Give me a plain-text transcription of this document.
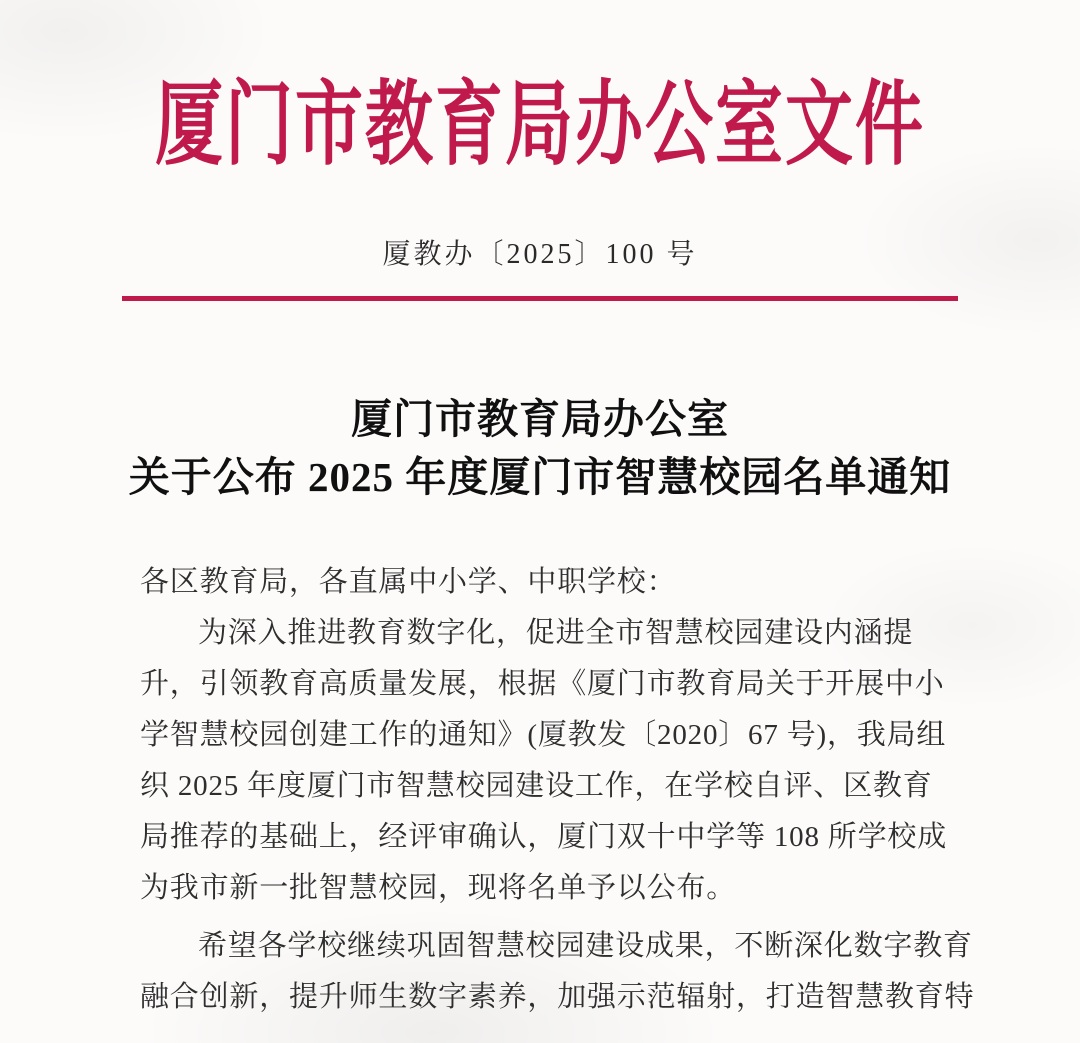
厦门市教育局办公室文件
厦教办〔2025〕100 号
厦门市教育局办公室
关于公布 2025 年度厦门市智慧校园名单通知
各区教育局，各直属中小学、中职学校：
为深入推进教育数字化，促进全市智慧校园建设内涵提
升，引领教育高质量发展，根据《厦门市教育局关于开展中小
学智慧校园创建工作的通知》(厦教发〔2020〕67 号)，我局组
织 2025 年度厦门市智慧校园建设工作，在学校自评、区教育
局推荐的基础上，经评审确认，厦门双十中学等 108 所学校成
为我市新一批智慧校园，现将名单予以公布。
希望各学校继续巩固智慧校园建设成果，不断深化数字教育
融合创新，提升师生数字素养，加强示范辐射，打造智慧教育特
